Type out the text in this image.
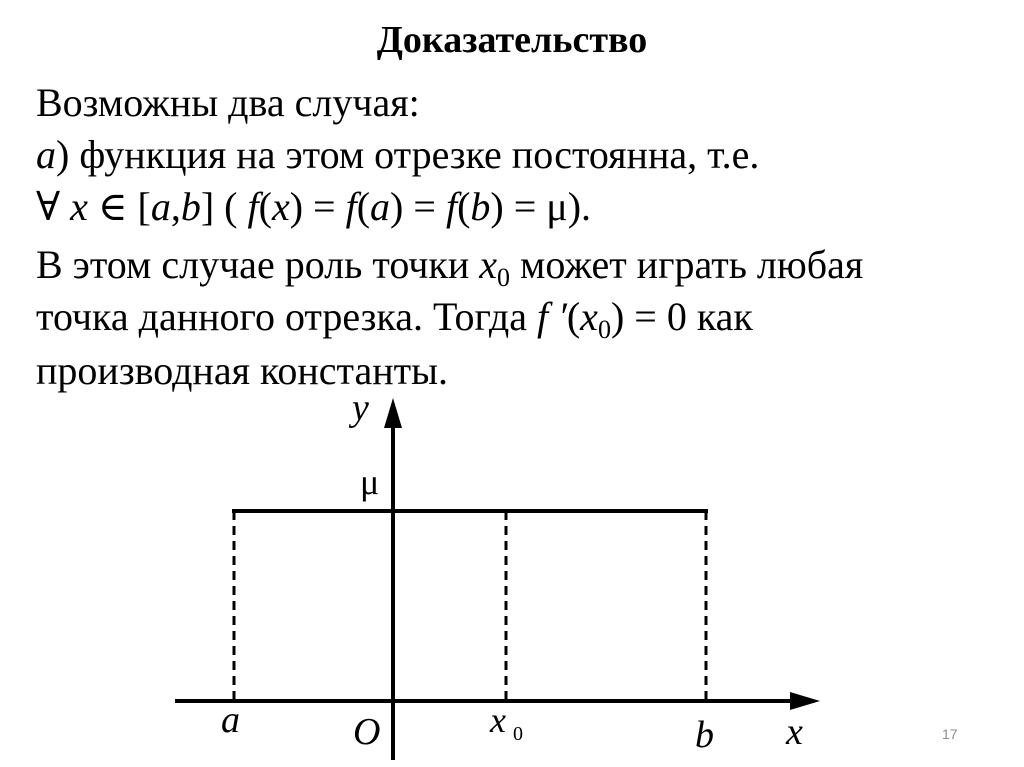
Доказательство
Возможны два случая:
a) функция на этом отрезке постоянна, т.е.
∀ x ∈ [a,b] ( f(x) = f(a) = f(b) = μ).
В этом случае роль точки $x_0$ может играть любая
точка данного отрезка. Тогда f $'(x_0) = 0$ как
производная константы.
y
μ
a	O	x 0	b x	17
